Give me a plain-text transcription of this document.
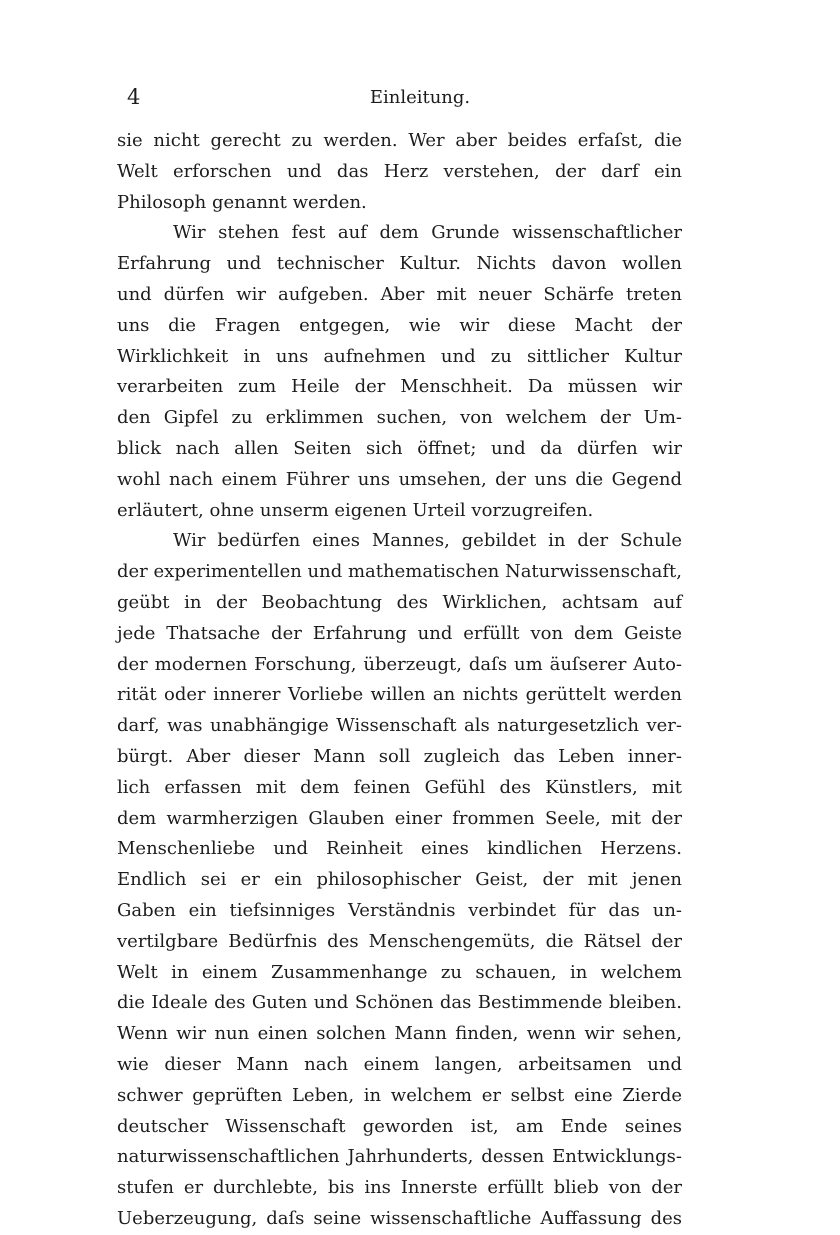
4	Einleitung.
sie nicht gerecht zu werden. Wer aber beides erfaſst, die
Welt erforschen und das Herz verstehen, der darf ein
Philosoph genannt werden.
Wir stehen fest auf dem Grunde wissenschaftlicher
Erfahrung und technischer Kultur. Nichts davon wollen
und dürfen wir aufgeben. Aber mit neuer Schärfe treten
uns die Fragen entgegen, wie wir diese Macht der
Wirklichkeit in uns aufnehmen und zu sittlicher Kultur
verarbeiten zum Heile der Menschheit. Da müssen wir
den Gipfel zu erklimmen suchen, von welchem der Um-
blick nach allen Seiten sich öffnet; und da dürfen wir
wohl nach einem Führer uns umsehen, der uns die Gegend
erläutert, ohne unserm eigenen Urteil vorzugreifen.
Wir bedürfen eines Mannes, gebildet in der Schule
der experimentellen und mathematischen Naturwissenschaft,
geübt in der Beobachtung des Wirklichen, achtsam auf
jede Thatsache der Erfahrung und erfüllt von dem Geiste
der modernen Forschung, überzeugt, daſs um äuſserer Auto-
rität oder innerer Vorliebe willen an nichts gerüttelt werden
darf, was unabhängige Wissenschaft als naturgesetzlich ver-
bürgt. Aber dieser Mann soll zugleich das Leben inner-
lich erfassen mit dem feinen Gefühl des Künstlers, mit
dem warmherzigen Glauben einer frommen Seele, mit der
Menschenliebe und Reinheit eines kindlichen Herzens.
Endlich sei er ein philosophischer Geist, der mit jenen
Gaben ein tiefsinniges Verständnis verbindet für das un-
vertilgbare Bedürfnis des Menschengemüts, die Rätsel der
Welt in einem Zusammenhange zu schauen, in welchem
die Ideale des Guten und Schönen das Bestimmende bleiben.
Wenn wir nun einen solchen Mann finden, wenn wir sehen,
wie dieser Mann nach einem langen, arbeitsamen und
schwer geprüften Leben, in welchem er selbst eine Zierde
deutscher Wissenschaft geworden ist, am Ende seines
naturwissenschaftlichen Jahrhunderts, dessen Entwicklungs-
stufen er durchlebte, bis ins Innerste erfüllt blieb von der
Ueberzeugung, daſs seine wissenschaftliche Auffassung des
